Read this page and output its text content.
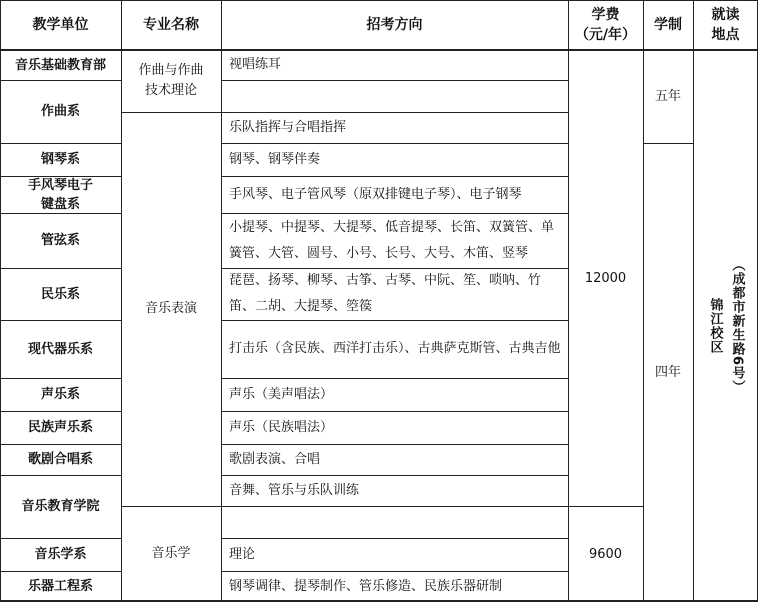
教学单位	专业名称	招考方向
学费
（元/年）
学制
就读
地点
音乐基础教育部
作曲系
钢琴系
手风琴电子
键盘系
管弦系
民乐系
现代器乐系
声乐系
民族声乐系
歌剧合唱系
音乐教育学院
音乐学系
乐器工程系
作曲与作曲技术理论
音乐表演
音乐学
视唱练耳
乐队指挥与合唱指挥
钢琴、钢琴伴奏
手风琴、电子管风琴（原双排键电子琴）、电子钢琴
小提琴、中提琴、大提琴、低音提琴、长笛、双簧管、单簧管、大管、圆号、小号、长号、大号、木笛、竖琴
琵琶、扬琴、柳琴、古筝、古琴、中阮、笙、唢呐、竹笛、二胡、大提琴、箜篌
打击乐（含民族、西洋打击乐）、古典萨克斯管、古典吉他
声乐（美声唱法）
声乐（民族唱法）
歌剧表演、合唱
音舞、管乐与乐队训练
理论
钢琴调律、提琴制作、管乐修造、民族乐器研制
12000
9600
五年
四年
锦江校区 （成都市新生路6号）
